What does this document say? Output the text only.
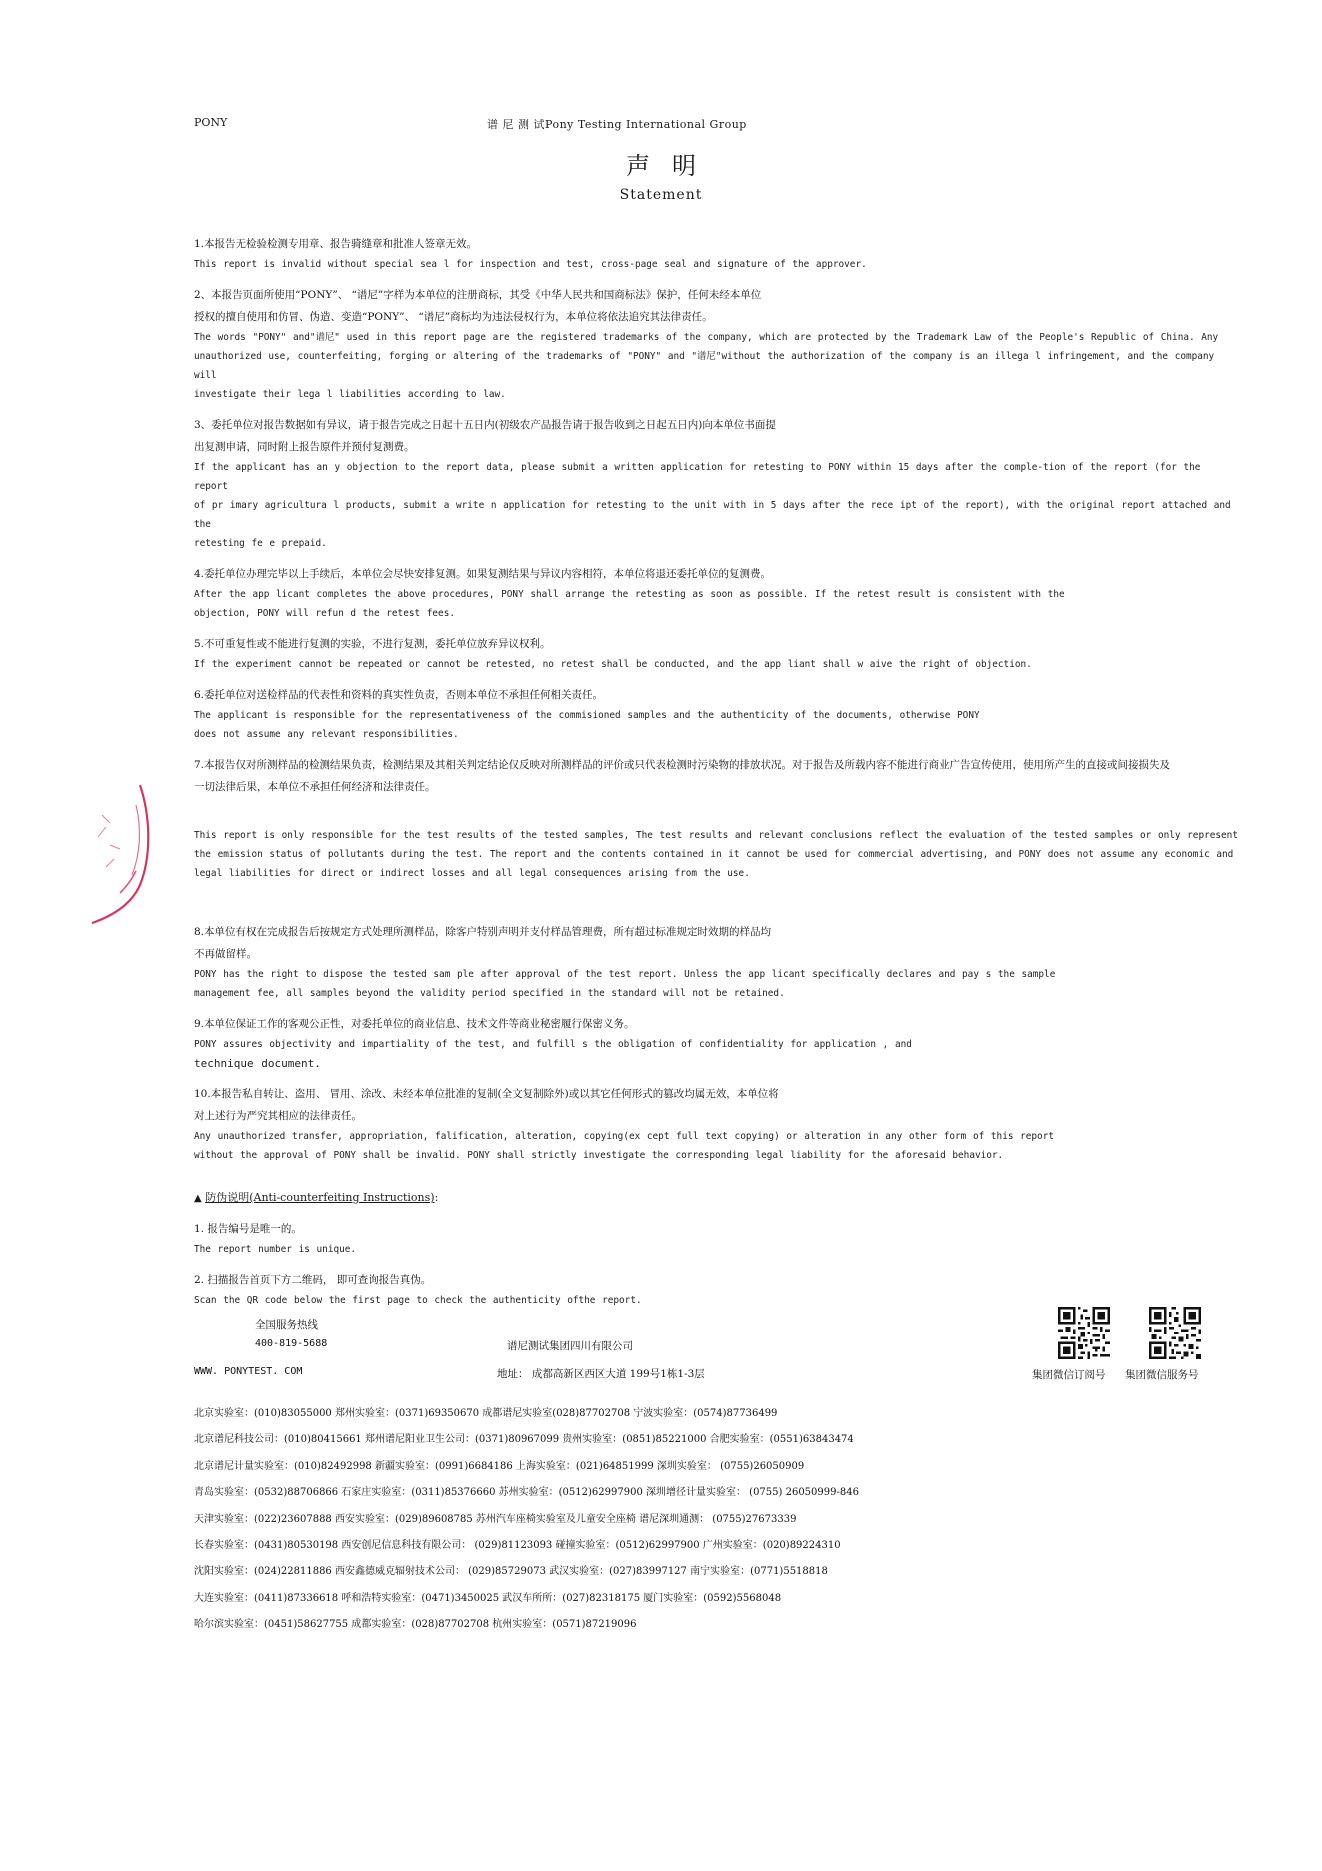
PONY	谱 尼 测 试Pony Testing International Group
声明
Statement
1.本报告无检验检测专用章、报告骑缝章和批准人签章无效。
This report is invalid without special sea l for inspection and test, cross-page seal and signature of the approver.
2、本报告页面所使用“PONY”、 “谱尼”字样为本单位的注册商标，其受《中华人民共和国商标法》保护，任何未经本单位
授权的擅自使用和仿冒、伪造、变造“PONY”、 “谱尼”商标均为违法侵权行为，本单位将依法追究其法律责任。
The words "PONY" and"谱尼" used in this report page are the registered trademarks of the company, which are protected by the Trademark Law of the People's Republic of China. Any
unauthorized use, counterfeiting, forging or altering of the trademarks of "PONY" and "谱尼"without the authorization of the company is an illega l infringement, and the company will
investigate their lega l liabilities according to law.
3、委托单位对报告数据如有异议，请于报告完成之日起十五日内(初级农产品报告请于报告收到之日起五日内)向本单位书面提
出复测申请，同时附上报告原件并预付复测费。
If the applicant has an y objection to the report data, please submit a written application for retesting to PONY within 15 days after the comple-tion of the report (for the report
of pr imary agricultura l products, submit a write n application for retesting to the unit with in 5 days after the rece ipt of the report), with the original report attached and the
retesting fe e prepaid.
4.委托单位办理完毕以上手续后，本单位会尽快安排复测。如果复测结果与异议内容相符，本单位将退还委托单位的复测费。
After the app licant completes the above procedures, PONY shall arrange the retesting as soon as possible. If the retest result is consistent with the
objection, PONY will refun d the retest fees.
5.不可重复性或不能进行复测的实验，不进行复测，委托单位放弃异议权利。
If the experiment cannot be repeated or cannot be retested, no retest shall be conducted, and the app liant shall w aive the right of objection.
6.委托单位对送检样品的代表性和资料的真实性负责，否则本单位不承担任何相关责任。
The applicant is responsible for the representativeness of the commisioned samples and the authenticity of the documents, otherwise PONY
does not assume any relevant responsibilities.
7.本报告仅对所测样品的检测结果负责，检测结果及其相关判定结论仅反映对所测样品的评价或只代表检测时污染物的排放状况。对于报告及所载内容不能进行商业广告宣传使用，使用所产生的直接或间接损失及
一切法律后果，本单位不承担任何经济和法律责任。
This report is only responsible for the test results of the tested samples, The test results and relevant conclusions reflect the evaluation of the tested samples or only represent
the emission status of pollutants during the test. The report and the contents contained in it cannot be used for commercial advertising, and PONY does not assume any economic and
legal liabilities for direct or indirect losses and all legal consequences arising from the use.
8.本单位有权在完成报告后按规定方式处理所测样品，除客户特别声明并支付样品管理费，所有超过标准规定时效期的样品均
不再做留样。
PONY has the right to dispose the tested sam ple after approval of the test report. Unless the app licant specifically declares and pay s the sample
management fee, all samples beyond the validity period specified in the standard will not be retained.
9.本单位保证工作的客观公正性，对委托单位的商业信息、技术文件等商业秘密履行保密义务。
PONY assures objectivity and impartiality of the test, and fulfill s the obligation of confidentiality for application , and
technique document.
10.本报告私自转让、盗用、 冒用、涂改、未经本单位批准的复制(全文复制除外)或以其它任何形式的篡改均属无效，本单位将
对上述行为严究其相应的法律责任。
Any unauthorized transfer, appropriation, falification, alteration, copying(ex cept full text copying) or alteration in any other form of this report
without the approval of PONY shall be invalid. PONY shall strictly investigate the corresponding legal liability for the aforesaid behavior.
▲ 防伪说明(Anti-counterfeiting Instructions):
1. 报告编号是唯一的。
The report number is unique.
2. 扫描报告首页下方二维码， 即可查询报告真伪。
Scan the QR code below the first page to check the authenticity ofthe report.
全国服务热线
400-819-5688	谱尼测试集团四川有限公司
WWW. PONYTEST. COM	地址： 成都高新区西区大道 199号1栋1-3层	集团微信订阅号 集团微信服务号
北京实验室：(010)83055000 郑州实验室：(0371)69350670 成都谱尼实验室(028)87702708 宁波实验室：(0574)87736499
北京谱尼科技公司：(010)80415661 郑州谱尼阳业卫生公司：(0371)80967099 贵州实验室：(0851)85221000 合肥实验室：(0551)63843474
北京谱尼计量实验室：(010)82492998 新疆实验室：(0991)6684186 上海实验室：(021)64851999 深圳实验室： (0755)26050909
青岛实验室：(0532)88706866 石家庄实验室：(0311)85376660 苏州实验室：(0512)62997900 深圳增径计量实验室： (0755) 26050999-846
天津实验室：(022)23607888 西安实验室：(029)89608785 苏州汽车座椅实验室及儿童安全座椅 谱尼深圳通测： (0755)27673339
长春实验室：(0431)80530198 西安创尼信息科技有限公司： (029)81123093 碰撞实验室：(0512)62997900 广州实验室：(020)89224310
沈阳实验室：(024)22811886 西安鑫德威克辐射技术公司： (029)85729073 武汉实验室：(027)83997127 南宁实验室：(0771)5518818
大连实验室：(0411)87336618 呼和浩特实验室：(0471)3450025 武汉车所所：(027)82318175 厦门实验室：(0592)5568048
哈尔滨实验室：(0451)58627755 成都实验室：(028)87702708 杭州实验室：(0571)87219096
